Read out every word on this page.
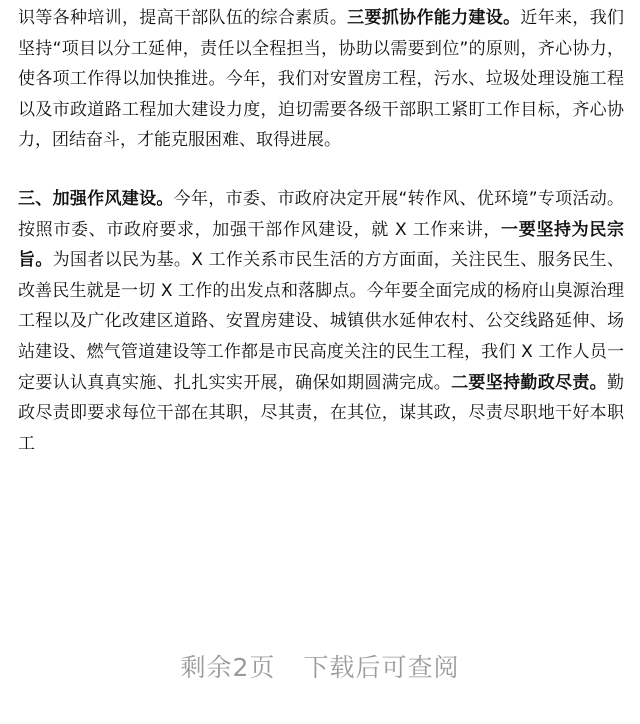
识等各种培训，提高干部队伍的综合素质。三要抓协作能力建设。近年来，我们坚持“项目以分工延伸，责任以全程担当，协助以需要到位”的原则，齐心协力，使各项工作得以加快推进。今年，我们对安置房工程，污水、垃圾处理设施工程以及市政道路工程加大建设力度，迫切需要各级干部职工紧盯工作目标，齐心协力，团结奋斗，才能克服困难、取得进展。

三、加强作风建设。今年，市委、市政府决定开展“转作风、优环境”专项活动。按照市委、市政府要求，加强干部作风建设，就 X 工作来讲，一要坚持为民宗旨。为国者以民为基。X 工作关系市民生活的方方面面，关注民生、服务民生、改善民生就是一切 X 工作的出发点和落脚点。今年要全面完成的杨府山臭源治理工程以及广化改建区道路、安置房建设、城镇供水延伸农村、公交线路延伸、场站建设、燃气管道建设等工作都是市民高度关注的民生工程，我们 X 工作人员一定要认认真真实施、扎扎实实开展，确保如期圆满完成。二要坚持勤政尽责。勤政尽责即要求每位干部在其职，尽其责，在其位，谋其政，尽责尽职地干好本职工

剩余2页 下载后可查阅
